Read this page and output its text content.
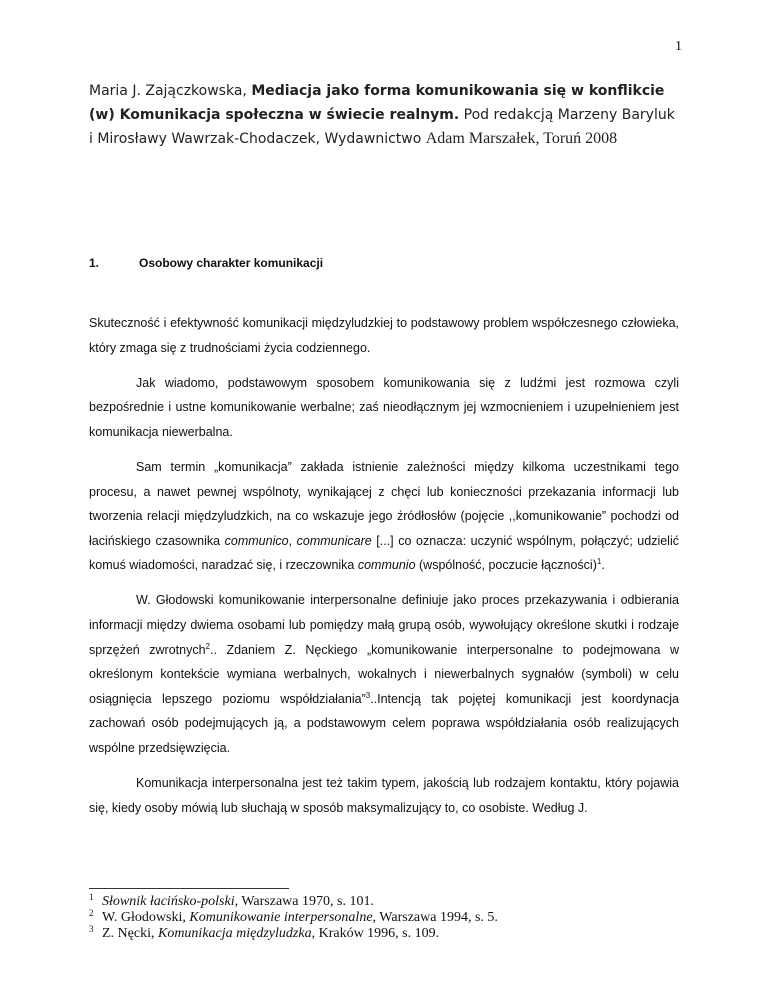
1
Maria J. Zajączkowska, Mediacja jako forma komunikowania się w konflikcie (w) Komunikacja społeczna w świecie realnym. Pod redakcją Marzeny Baryluk i Mirosławy Wawrzak-Chodaczek, Wydawnictwo Adam Marszałek, Toruń 2008
1.	Osobowy charakter komunikacji

Skuteczność i efektywność komunikacji międzyludzkiej to podstawowy problem współczesnego człowieka, który zmaga się z trudnościami życia codziennego.

Jak wiadomo, podstawowym sposobem komunikowania się z ludźmi jest rozmowa czyli bezpośrednie i ustne komunikowanie werbalne; zaś nieodłącznym jej wzmocnieniem i uzupełnieniem jest komunikacja niewerbalna.

Sam termin „komunikacja” zakłada istnienie zależności między kilkoma uczestnikami tego procesu, a nawet pewnej wspólnoty, wynikającej z chęci lub konieczności przekazania informacji lub tworzenia relacji międzyludzkich, na co wskazuje jego źródłosłów (pojęcie ,,komunikowanie” pochodzi od łacińskiego czasownika communico, communicare [...] co oznacza: uczynić wspólnym, połączyć; udzielić komuś wiadomości, naradzać się, i rzeczownika communio (wspólność, poczucie łączności)$^1$.

W. Głodowski komunikowanie interpersonalne definiuje jako proces przekazywania i odbierania informacji między dwiema osobami lub pomiędzy małą grupą osób, wywołujący określone skutki i rodzaje sprzężeń zwrotnych$^2$.. Zdaniem Z. Nęckiego „komunikowanie interpersonalne to podejmowana w określonym kontekście wymiana werbalnych, wokalnych i niewerbalnych sygnałów (symboli) w celu osiągnięcia lepszego poziomu współdziałania”$^3$..Intencją tak pojętej komunikacji jest koordynacja zachowań osób podejmujących ją, a podstawowym celem poprawa współdziałania osób realizujących wspólne przedsięwzięcia.

Komunikacja interpersonalna jest też takim typem, jakością lub rodzajem kontaktu, który pojawia się, kiedy osoby mówią lub słuchają w sposób maksymalizujący to, co osobiste. Według J.

$^1$ Słownik łacińsko-polski, Warszawa 1970, s. 101.
$^2$ W. Głodowski, Komunikowanie interpersonalne, Warszawa 1994, s. 5.
$^3$ Z. Nęcki, Komunikacja międzyludzka, Kraków 1996, s. 109.
